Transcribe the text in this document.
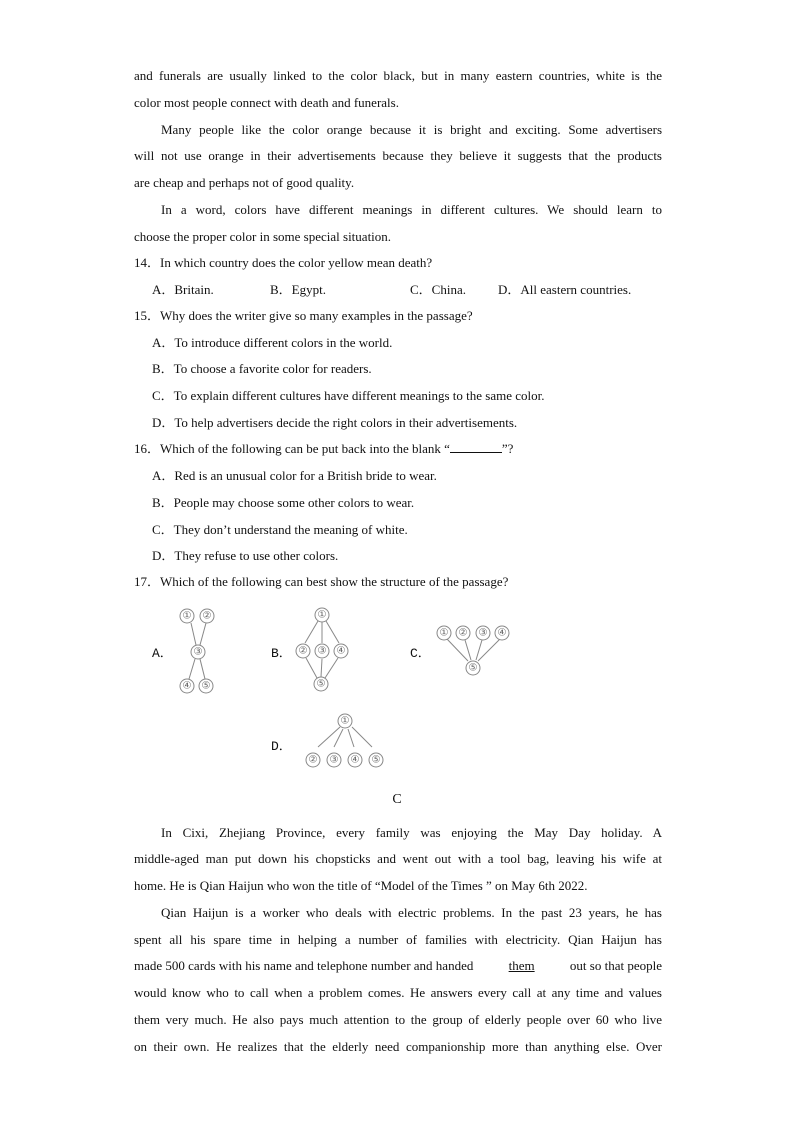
and funerals are usually linked to the color black, but in many eastern countries, white is the
color most people connect with death and funerals.
Many people like the color orange because it is bright and exciting. Some advertisers
will not use orange in their advertisements because they believe it suggests that the products
are cheap and perhaps not of good quality.
In a word, colors have different meanings in different cultures. We should learn to
choose the proper color in some special situation.
14．In which country does the color yellow mean death?
A．Britain.	B．Egypt.	C．China.	D．All eastern countries.
15．Why does the writer give so many examples in the passage?
A．To introduce different colors in the world.
B．To choose a favorite color for readers.
C．To explain different cultures have different meanings to the same color.
D．To help advertisers decide the right colors in their advertisements.
16．Which of the following can be put back into the blank “	”?
A．Red is an unusual color for a British bride to wear.
B．People may choose some other colors to wear.
C．They don’t understand the meaning of white.
D．They refuse to use other colors.
17．Which of the following can best show the structure of the passage?
A．	B．	C．
D．
① ②
③
④ ⑤
①
② ③ ④
⑤
① ② ③ ④
⑤
①
② ③ ④ ⑤
C
In Cixi, Zhejiang Province, every family was enjoying the May Day holiday. A
middle-aged man put down his chopsticks and went out with a tool bag, leaving his wife at
home. He is Qian Haijun who won the title of “Model of the Times ” on May 6th 2022.
Qian Haijun is a worker who deals with electric problems. In the past 23 years, he has
spent all his spare time in helping a number of families with electricity. Qian Haijun has
made 500 cards with his name and telephone number and handed	them	out so that people
would know who to call when a problem comes. He answers every call at any time and values
them very much. He also pays much attention to the group of elderly people over 60 who live
on their own. He realizes that the elderly need companionship more than anything else. Over
